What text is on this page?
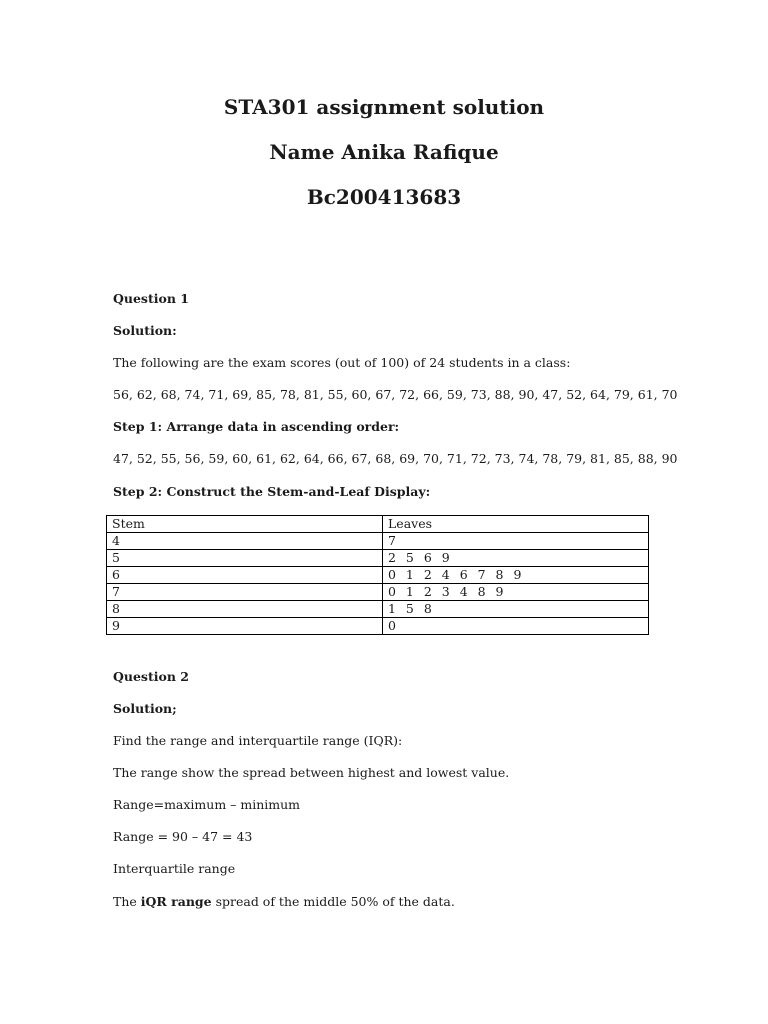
STA301 assignment solution
Name Anika Rafique
Bc200413683
Question 1
Solution:
The following are the exam scores (out of 100) of 24 students in a class:
56, 62, 68, 74, 71, 69, 85, 78, 81, 55, 60, 67, 72, 66, 59, 73, 88, 90, 47, 52, 64, 79, 61, 70
Step 1: Arrange data in ascending order:
47, 52, 55, 56, 59, 60, 61, 62, 64, 66, 67, 68, 69, 70, 71, 72, 73, 74, 78, 79, 81, 85, 88, 90
Step 2: Construct the Stem-and-Leaf Display:
Stem	Leaves
4	7
5	2 5 6 9
6	0 1 2 4 6 7 8 9
7	0 1 2 3 4 8 9
8	1 5 8
9	0
Question 2
Solution;
Find the range and interquartile range (IQR):
The range show the spread between highest and lowest value.
Range=maximum – minimum
Range = 90 – 47 = 43
Interquartile range
The iQR range spread of the middle 50% of the data.
